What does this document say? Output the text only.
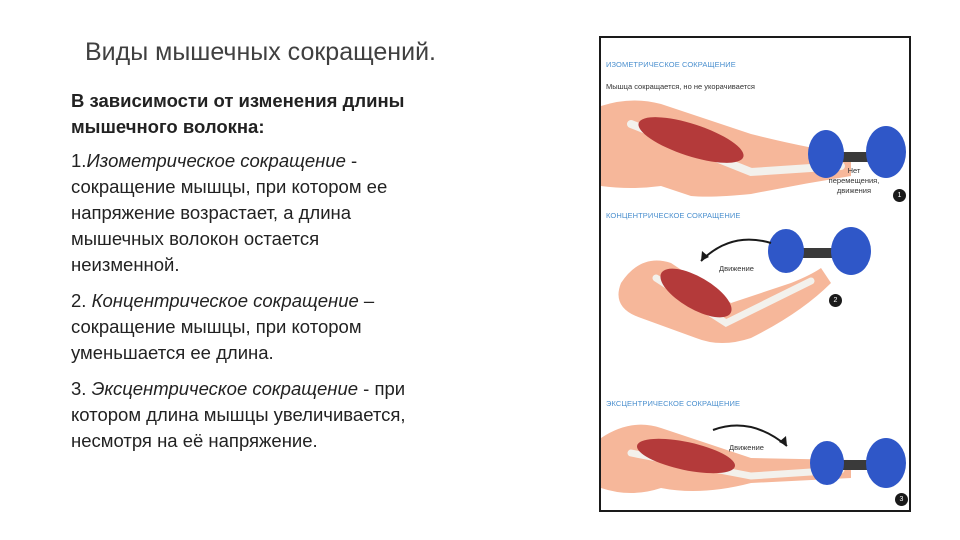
Виды мышечных сокращений.
В зависимости от изменения длины мышечного волокна:
1.Изометрическое сокращение - сокращение мышцы, при котором ее напряжение возрастает, а длина мышечных волокон остается неизменной.
2. Концентрическое сокращение – сокращение мышцы, при котором уменьшается ее длина.
3. Эксцентрическое сокращение - при котором длина мышцы увеличивается, несмотря на её напряжение.
ИЗОМЕТРИЧЕСКОЕ СОКРАЩЕНИЕ
Мышца сокращается, но не укорачивается
Нет перемещения,
движения
1
КОНЦЕНТРИЧЕСКОЕ СОКРАЩЕНИЕ
Движение
2
ЭКСЦЕНТРИЧЕСКОЕ СОКРАЩЕНИЕ
Движение
3
